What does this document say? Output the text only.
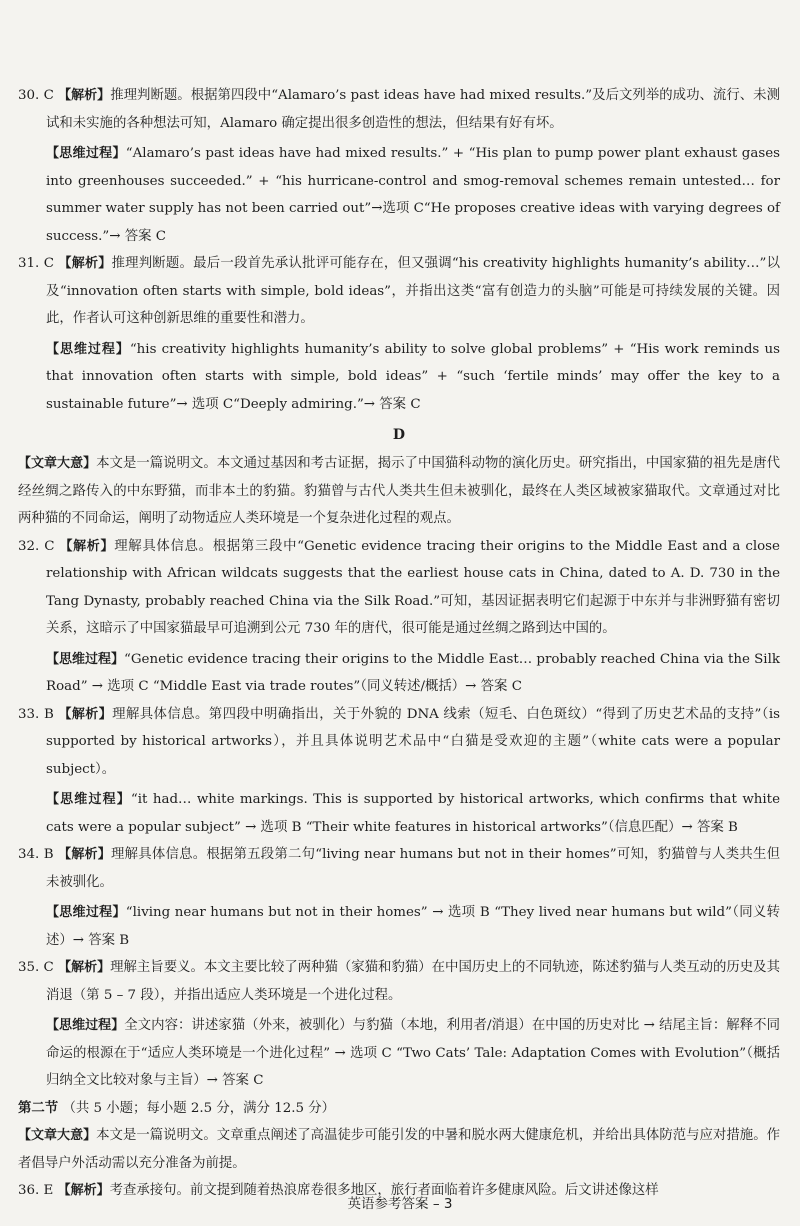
30. C 【解析】推理判断题。根据第四段中“Alamaro’s past ideas have had mixed results.”及后文列举的成功、流行、未测试和未实施的各种想法可知，Alamaro 确定提出很多创造性的想法，但结果有好有坏。

【思维过程】“Alamaro’s past ideas have had mixed results.” + “His plan to pump power plant exhaust gases into greenhouses succeeded.” + “his hurricane-control and smog-removal schemes remain untested… for summer water supply has not been carried out”→选项 C“He proposes creative ideas with varying degrees of success.”→ 答案 C

31. C 【解析】推理判断题。最后一段首先承认批评可能存在，但又强调“his creativity highlights humanity’s ability…”以及“innovation often starts with simple, bold ideas”，并指出这类“富有创造力的头脑”可能是可持续发展的关键。因此，作者认可这种创新思维的重要性和潜力。

【思维过程】“his creativity highlights humanity’s ability to solve global problems” + “His work reminds us that innovation often starts with simple, bold ideas” + “such ‘fertile minds’ may offer the key to a sustainable future”→ 选项 C“Deeply admiring.”→ 答案 C

D

【文章大意】本文是一篇说明文。本文通过基因和考古证据，揭示了中国猫科动物的演化历史。研究指出，中国家猫的祖先是唐代经丝绸之路传入的中东野猫，而非本土的豹猫。豹猫曾与古代人类共生但未被驯化，最终在人类区域被家猫取代。文章通过对比两种猫的不同命运，阐明了动物适应人类环境是一个复杂进化过程的观点。

32. C 【解析】理解具体信息。根据第三段中“Genetic evidence tracing their origins to the Middle East and a close relationship with African wildcats suggests that the earliest house cats in China, dated to A. D. 730 in the Tang Dynasty, probably reached China via the Silk Road.”可知，基因证据表明它们起源于中东并与非洲野猫有密切关系，这暗示了中国家猫最早可追溯到公元 730 年的唐代，很可能是通过丝绸之路到达中国的。

【思维过程】“Genetic evidence tracing their origins to the Middle East… probably reached China via the Silk Road” → 选项 C “Middle East via trade routes”（同义转述/概括）→ 答案 C

33. B 【解析】理解具体信息。第四段中明确指出，关于外貌的 DNA 线索（短毛、白色斑纹）“得到了历史艺术品的支持”（is supported by historical artworks），并且具体说明艺术品中“白猫是受欢迎的主题”（white cats were a popular subject）。

【思维过程】“it had… white markings. This is supported by historical artworks, which confirms that white cats were a popular subject” → 选项 B “Their white features in historical artworks”（信息匹配）→ 答案 B

34. B 【解析】理解具体信息。根据第五段第二句“living near humans but not in their homes”可知，豹猫曾与人类共生但未被驯化。

【思维过程】“living near humans but not in their homes” → 选项 B “They lived near humans but wild”（同义转述）→ 答案 B

35. C 【解析】理解主旨要义。本文主要比较了两种猫（家猫和豹猫）在中国历史上的不同轨迹，陈述豹猫与人类互动的历史及其消退（第 5 – 7 段），并指出适应人类环境是一个进化过程。

【思维过程】全文内容：讲述家猫（外来，被驯化）与豹猫（本地，利用者/消退）在中国的历史对比 → 结尾主旨：解释不同命运的根源在于“适应人类环境是一个进化过程” → 选项 C “Two Cats’ Tale: Adaptation Comes with Evolution”（概括归纳全文比较对象与主旨）→ 答案 C

第二节 （共 5 小题；每小题 2.5 分，满分 12.5 分）

【文章大意】本文是一篇说明文。文章重点阐述了高温徒步可能引发的中暑和脱水两大健康危机，并给出具体防范与应对措施。作者倡导户外活动需以充分准备为前提。

36. E 【解析】考查承接句。前文提到随着热浪席卷很多地区，旅行者面临着许多健康风险。后文讲述像这样

英语参考答案 – 3
